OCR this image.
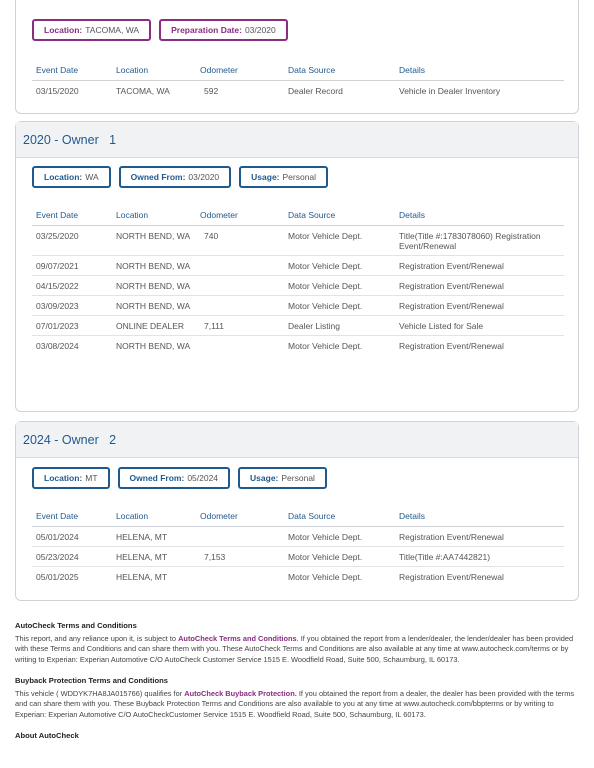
Location: TACOMA, WA	Preparation Date: 03/2020
Event Date	Location	Odometer	Data Source	Details
03/15/2020	TACOMA, WA	592	Dealer Record	Vehicle in Dealer Inventory
2020 - Owner   1
Location: WA	Owned From: 03/2020	Usage: Personal
Event Date	Location	Odometer	Data Source	Details
03/25/2020	NORTH BEND, WA	740	Motor Vehicle Dept.	Title(Title #:1783078060) Registration Event/Renewal
09/07/2021	NORTH BEND, WA		Motor Vehicle Dept.	Registration Event/Renewal
04/15/2022	NORTH BEND, WA		Motor Vehicle Dept.	Registration Event/Renewal
03/09/2023	NORTH BEND, WA		Motor Vehicle Dept.	Registration Event/Renewal
07/01/2023	ONLINE DEALER	7,111	Dealer Listing	Vehicle Listed for Sale
03/08/2024	NORTH BEND, WA		Motor Vehicle Dept.	Registration Event/Renewal
2024 - Owner   2
Location: MT	Owned From: 05/2024	Usage: Personal
Event Date	Location	Odometer	Data Source	Details
05/01/2024	HELENA, MT		Motor Vehicle Dept.	Registration Event/Renewal
05/23/2024	HELENA, MT	7,153	Motor Vehicle Dept.	Title(Title #:AA7442821)
05/01/2025	HELENA, MT		Motor Vehicle Dept.	Registration Event/Renewal
AutoCheck Terms and Conditions

This report, and any reliance upon it, is subject to AutoCheck Terms and Conditions. If you obtained the report from a lender/dealer, the lender/dealer has been provided with these Terms and Conditions and can share them with you. These AutoCheck Terms and Conditions are also available at any time at www.autocheck.com/terms or by writing to Experian: Experian Automotive C/O AutoCheck Customer Service 1515 E. Woodfield Road, Suite 500, Schaumburg, IL 60173.

Buyback Protection Terms and Conditions

This vehicle ( WDDYK7HA8JA015766) qualifies for AutoCheck Buyback Protection. If you obtained the report from a dealer, the dealer has been provided with the terms and can share them with you. These Buyback Protection Terms and Conditions are also available to you at any time at www.autocheck.com/bbpterms or by writing to Experian: Experian Automotive C/O AutoCheckCustomer Service 1515 E. Woodfield Road, Suite 500, Schaumburg, IL 60173.

About AutoCheck
